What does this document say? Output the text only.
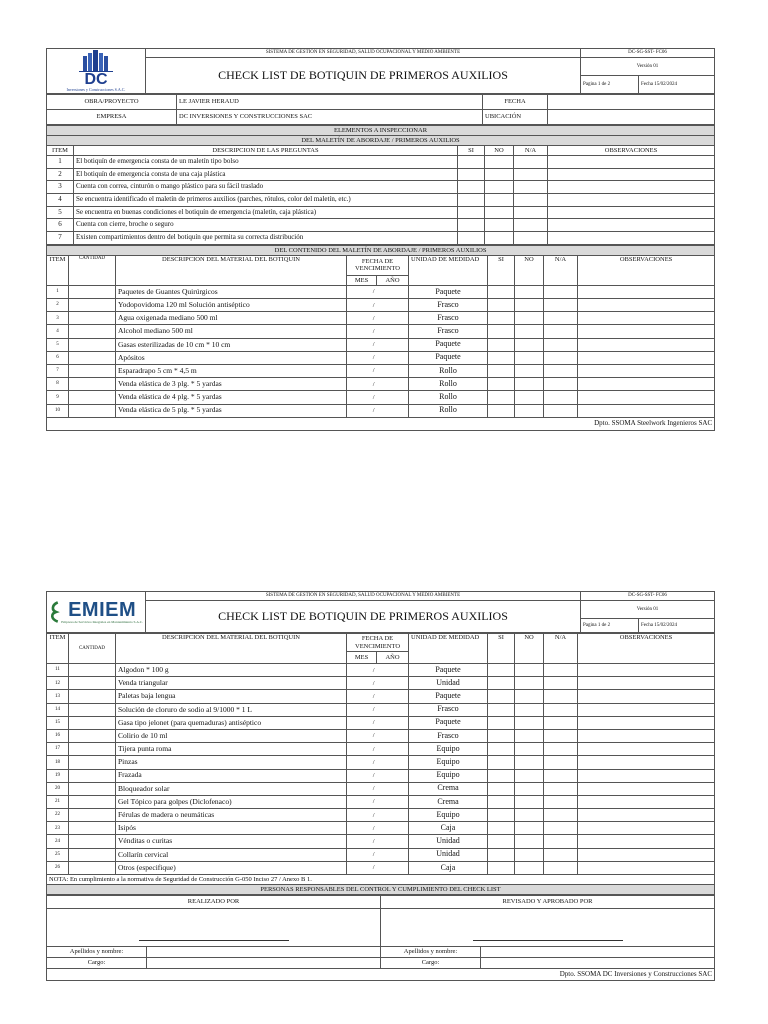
DC
Inversiones y Construcciones S.A.C.	SISTEMA DE GESTION EN SEGURIDAD, SALUD OCUPACIONAL Y MEDIO AMBIENTE	DC-SG-SST- FC06	
	CHECK LIST DE BOTIQUIN DE PRIMEROS AUXILIOS	Versión 01	
		Pagina 1 de 2	Fecha 15/02/2024
OBRA/PROYECTO	LE JAVIER HERAUD	FECHA	
EMPRESA	DC INVERSIONES Y CONSTRUCCIONES SAC	UBICACIÓN	
ELEMENTOS A INSPECCIONAR					
DEL MALETÍN DE ABORDAJE / PRIMEROS AUXILIOS					
ITEM	DESCRIPCION DE LAS PREGUNTAS	SI	NO	N/A	OBSERVACIONES
1	El botiquín de emergencia consta de un maletín tipo bolso				
2	El botiquín de emergencia consta de una caja plástica				
3	Cuenta con correa, cinturón o mango plástico para su fácil traslado				
4	Se encuentra identificado el maletín de primeros auxilios (parches, rótulos, color del maletín, etc.)				
5	Se encuentra en buenas condiciones el botiquín de emergencia (maletín, caja plástica)				
6	Cuenta con cierre, broche o seguro				
7	Existen compartimientos dentro del botiquín que permita su correcta distribución				
DEL CONTENIDO DEL MALETÍN DE ABORDAJE / PRIMEROS AUXILIOS									
ITEM	CANTIDAD	DESCRIPCION DEL MATERIAL DEL BOTIQUIN	FECHA DE VENCIMIENTO		UNIDAD DE MEDIDAD	SI	NO	N/A	OBSERVACIONES
			MES	AÑO					
1		Paquetes de Guantes Quirúrgicos	/		Paquete				
2		Yodopovidoma 120 ml Solución antiséptico	/		Frasco				
3		Agua oxigenada mediano 500 ml	/		Frasco				
4		Alcohol mediano 500 ml	/		Frasco				
5		Gasas esterilizadas de 10 cm * 10 cm	/		Paquete				
6		Apósitos	/		Paquete				
7		Esparadrapo 5 cm * 4,5 m	/		Rollo				
8		Venda elástica de 3 plg. * 5 yardas	/		Rollo				
9		Venda elástica de 4 plg. * 5 yardas	/		Rollo				
10		Venda elástica de 5 plg. * 5 yardas	/		Rollo				
Dpto. SSOMA Steelwork Ingenieros SAC									
EMIEM
Empresa de Servicios Integrales en Mantenimiento S.A.C.	SISTEMA DE GESTION EN SEGURIDAD, SALUD OCUPACIONAL Y MEDIO AMBIENTE	DC-SG-SST- FC06	
	CHECK LIST DE BOTIQUIN DE PRIMEROS AUXILIOS	Versión 01	
		Pagina 1 de 2	Fecha 15/02/2024
ITEM	CANTIDAD	DESCRIPCION DEL MATERIAL DEL BOTIQUIN	FECHA DE VENCIMIENTO		UNIDAD DE MEDIDAD	SI	NO	N/A	OBSERVACIONES
			MES	AÑO					
11		Algodon * 100 g	/		Paquete				
12		Venda triangular	/		Unidad				
13		Paletas baja lengua	/		Paquete				
14		Solución de cloruro de sodio al 9/1000 * 1 L	/		Frasco				
15		Gasa tipo jelonet (para quemaduras) antiséptico	/		Paquete				
16		Colirio de 10 ml	/		Frasco				
17		Tijera punta roma	/		Equipo				
18		Pinzas	/		Equipo				
19		Frazada	/		Equipo				
20		Bloqueador solar	/		Crema				
21		Gel Tópico para golpes (Diclofenaco)	/		Crema				
22		Férulas de madera o neumáticas	/		Equipo				
23		Isipós	/		Caja				
24		Vénditas o curitas	/		Unidad				
25		Collarín cervical	/		Unidad				
26		Otros (especifique)	/		Caja				
NOTA: En cumplimiento a la normativa de Seguridad de Construcción G-050 Inciso 27 / Anexo B 1.									
PERSONAS RESPONSABLES DEL CONTROL Y CUMPLIMIENTO DEL CHECK LIST									
REALIZADO POR		REVISADO Y APROBADO POR	

Apellidos y nombre:		Apellidos y nombre:	
Cargo:		Cargo:	
Dpto. SSOMA DC Inversiones y Construcciones SAC			
